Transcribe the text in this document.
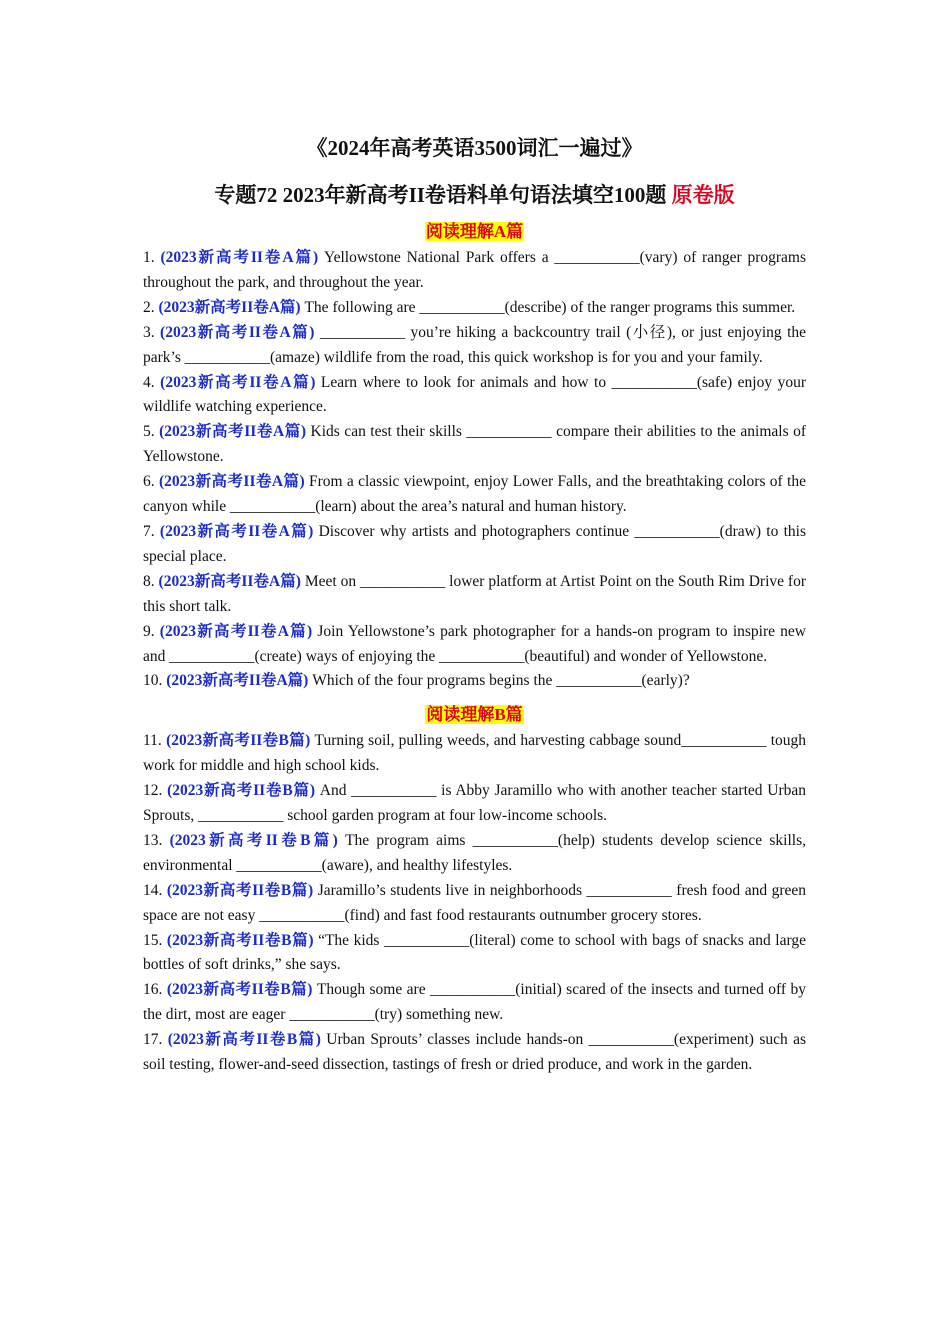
《2024年高考英语3500词汇一遍过》
专题72 2023年新高考II卷语料单句语法填空100题 原卷版
阅读理解A篇

1. (2023新高考II卷A篇) Yellowstone National Park offers a ___________(vary) of ranger programs throughout the park, and throughout the year.

2. (2023新高考II卷A篇) The following are ___________(describe) of the ranger programs this summer.

3. (2023新高考II卷A篇) ___________ you’re hiking a backcountry trail (小径), or just enjoying the park’s ___________(amaze) wildlife from the road, this quick workshop is for you and your family.

4. (2023新高考II卷A篇) Learn where to look for animals and how to ___________(safe) enjoy your wildlife watching experience.

5. (2023新高考II卷A篇) Kids can test their skills ___________ compare their abilities to the animals of Yellowstone.

6. (2023新高考II卷A篇) From a classic viewpoint, enjoy Lower Falls, and the breathtaking colors of the canyon while ___________(learn) about the area’s natural and human history.

7. (2023新高考II卷A篇) Discover why artists and photographers continue ___________(draw) to this special place.

8. (2023新高考II卷A篇) Meet on ___________ lower platform at Artist Point on the South Rim Drive for this short talk.

9. (2023新高考II卷A篇) Join Yellowstone’s park photographer for a hands-on program to inspire new and ___________(create) ways of enjoying the ___________(beautiful) and wonder of Yellowstone.

10. (2023新高考II卷A篇) Which of the four programs begins the ___________(early)?

阅读理解B篇

11. (2023新高考II卷B篇) Turning soil, pulling weeds, and harvesting cabbage sound___________ tough work for middle and high school kids.

12. (2023新高考II卷B篇) And ___________ is Abby Jaramillo who with another teacher started Urban Sprouts, ___________ school garden program at four low-income schools.

13. (2023新高考II卷B篇) The program aims ___________(help) students develop science skills, environmental ___________(aware), and healthy lifestyles.

14. (2023新高考II卷B篇) Jaramillo’s students live in neighborhoods ___________ fresh food and green space are not easy ___________(find) and fast food restaurants outnumber grocery stores.

15. (2023新高考II卷B篇) “The kids ___________(literal) come to school with bags of snacks and large bottles of soft drinks,” she says.

16. (2023新高考II卷B篇) Though some are ___________(initial) scared of the insects and turned off by the dirt, most are eager ___________(try) something new.

17. (2023新高考II卷B篇) Urban Sprouts’ classes include hands-on ___________(experiment) such as soil testing, flower-and-seed dissection, tastings of fresh or dried produce, and work in the garden.
